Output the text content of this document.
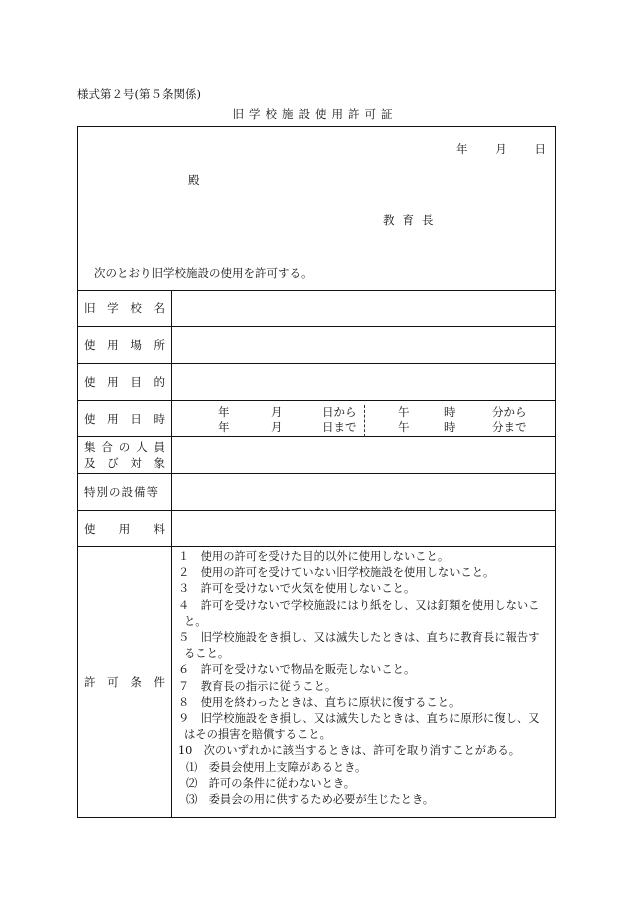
様式第２号(第５条関係)
旧学校施設使用許可証
年 月 日
殿
教育長
次のとおり旧学校施設の使用を許可する。
旧 学 校 名
使 用 場 所
使 用 目 的
使 用 日 時	年	月	日から	午	時	分から
年	月	日まで	午	時	分まで
集 合 の 人 員
及 び 対 象
特別の設備等
使 用 料
許 可 条 件
１　使用の許可を受けた目的以外に使用しないこと。
２　使用の許可を受けていない旧学校施設を使用しないこと。
３　許可を受けないで火気を使用しないこと。
４　許可を受けないで学校施設にはり紙をし、又は釘類を使用しないこ
と。
５　旧学校施設をき損し、又は滅失したときは、直ちに教育長に報告す
ること。
６　許可を受けないで物品を販売しないこと。
７　教育長の指示に従うこと。
８　使用を終わったときは、直ちに原状に復すること。
９　旧学校施設をき損し、又は滅失したときは、直ちに原形に復し、又
はその損害を賠償すること。
10　次のいずれかに該当するときは、許可を取り消すことがある。
⑴　委員会使用上支障があるとき。
⑵　許可の条件に従わないとき。
⑶　委員会の用に供するため必要が生じたとき。
